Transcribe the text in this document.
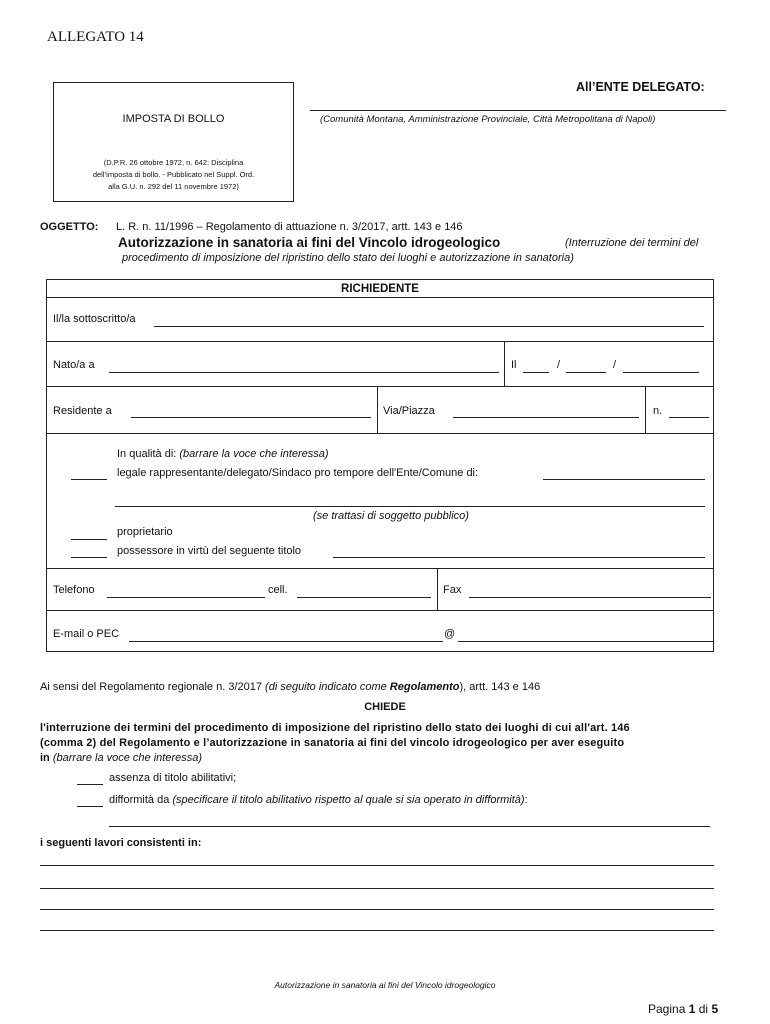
ALLEGATO 14
IMPOSTA DI BOLLO
(D.P.R. 26 ottobre 1972, n. 642: Disciplina
dell’imposta di bollo. - Pubblicato nel Suppl. Ord.
alla G.U. n. 292 del 11 novembre 1972)
All’ENTE DELEGATO:
(Comunità Montana, Amministrazione Provinciale, Città Metropolitana di Napoli)
OGGETTO: L. R. n. 11/1996 – Regolamento di attuazione n. 3/2017, artt. 143 e 146
Autorizzazione in sanatoria ai fini del Vincolo idrogeologico	(Interruzione dei termini del
procedimento di imposizione del ripristino dello stato dei luoghi e autorizzazione in sanatoria)
RICHIEDENTE
Il/la sottoscritto/a
Nato/a a	Il	/	/
Residente a	Via/Piazza	n.
In qualità di: (barrare la voce che interessa)
legale rappresentante/delegato/Sindaco pro tempore dell'Ente/Comune di:
(se trattasi di soggetto pubblico)
proprietario
possessore in virtù del seguente titolo
Telefono	cell.	Fax
E-mail o PEC	@
Ai sensi del Regolamento regionale n. 3/2017 (di seguito indicato come Regolamento), artt. 143 e 146
CHIEDE
l'interruzione dei termini del procedimento di imposizione del ripristino dello stato dei luoghi di cui all'art. 146
(comma 2) del Regolamento e l’autorizzazione in sanatoria ai fini del vincolo idrogeologico per aver eseguito
in (barrare la voce che interessa)
assenza di titolo abilitativi;
difformità da (specificare il titolo abilitativo rispetto al quale si sia operato in difformità):
i seguenti lavori consistenti in:
Autorizzazione in sanatoria ai fini del Vincolo idrogeologico
Pagina 1 di 5
